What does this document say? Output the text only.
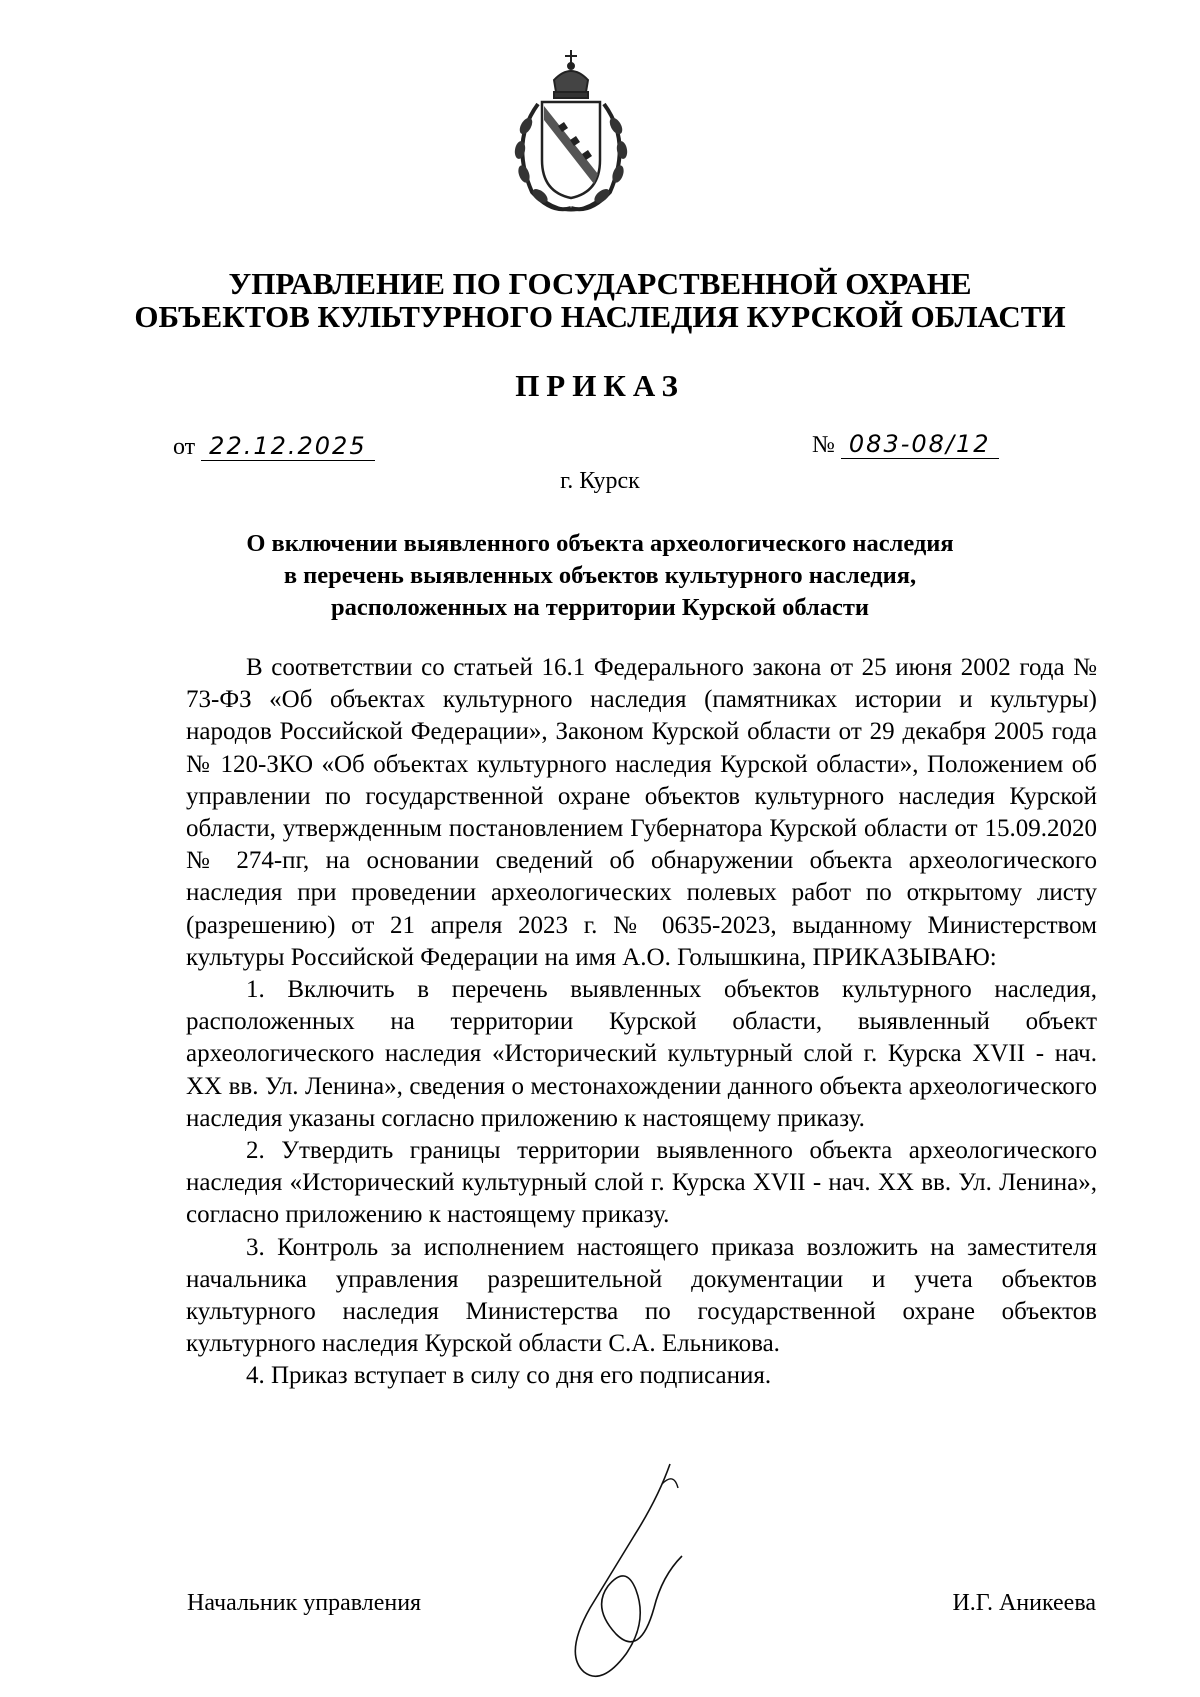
УПРАВЛЕНИЕ ПО ГОСУДАРСТВЕННОЙ ОХРАНЕ

ОБЪЕКТОВ КУЛЬТУРНОГО НАСЛЕДИЯ КУРСКОЙ ОБЛАСТИ

ПРИКАЗ

от 22.12.2025	№ 083-08/12
г. Курск
О включении выявленного объекта археологического наследия
в перечень выявленных объектов культурного наследия,
расположенных на территории Курской области

В соответствии со статьей 16.1 Федерального закона от 25 июня 2002 года № 73-ФЗ «Об объектах культурного наследия (памятниках истории и культуры) народов Российской Федерации», Законом Курской области от 29 декабря 2005 года № 120-ЗКО «Об объектах культурного наследия Курской области», Положением об управлении по государственной охране объектов культурного наследия Курской области, утвержденным постановлением Губернатора Курской области от 15.09.2020 № 274-пг, на основании сведений об обнаружении объекта археологического наследия при проведении археологических полевых работ по открытому листу (разрешению) от 21 апреля 2023 г. № 0635-2023, выданному Министерством культуры Российской Федерации на имя А.О. Голышкина, ПРИКАЗЫВАЮ:

1. Включить в перечень выявленных объектов культурного наследия, расположенных на территории Курской области, выявленный объект археологического наследия «Исторический культурный слой г. Курска XVII - нач. XX вв. Ул. Ленина», сведения о местонахождении данного объекта археологического наследия указаны согласно приложению к настоящему приказу.

2. Утвердить границы территории выявленного объекта археологического наследия «Исторический культурный слой г. Курска XVII - нач. XX вв. Ул. Ленина», согласно приложению к настоящему приказу.

3. Контроль за исполнением настоящего приказа возложить на заместителя начальника управления разрешительной документации и учета объектов культурного наследия Министерства по государственной охране объектов культурного наследия Курской области С.А. Ельникова.

4. Приказ вступает в силу со дня его подписания.

Начальник управления	И.Г. Аникеева
